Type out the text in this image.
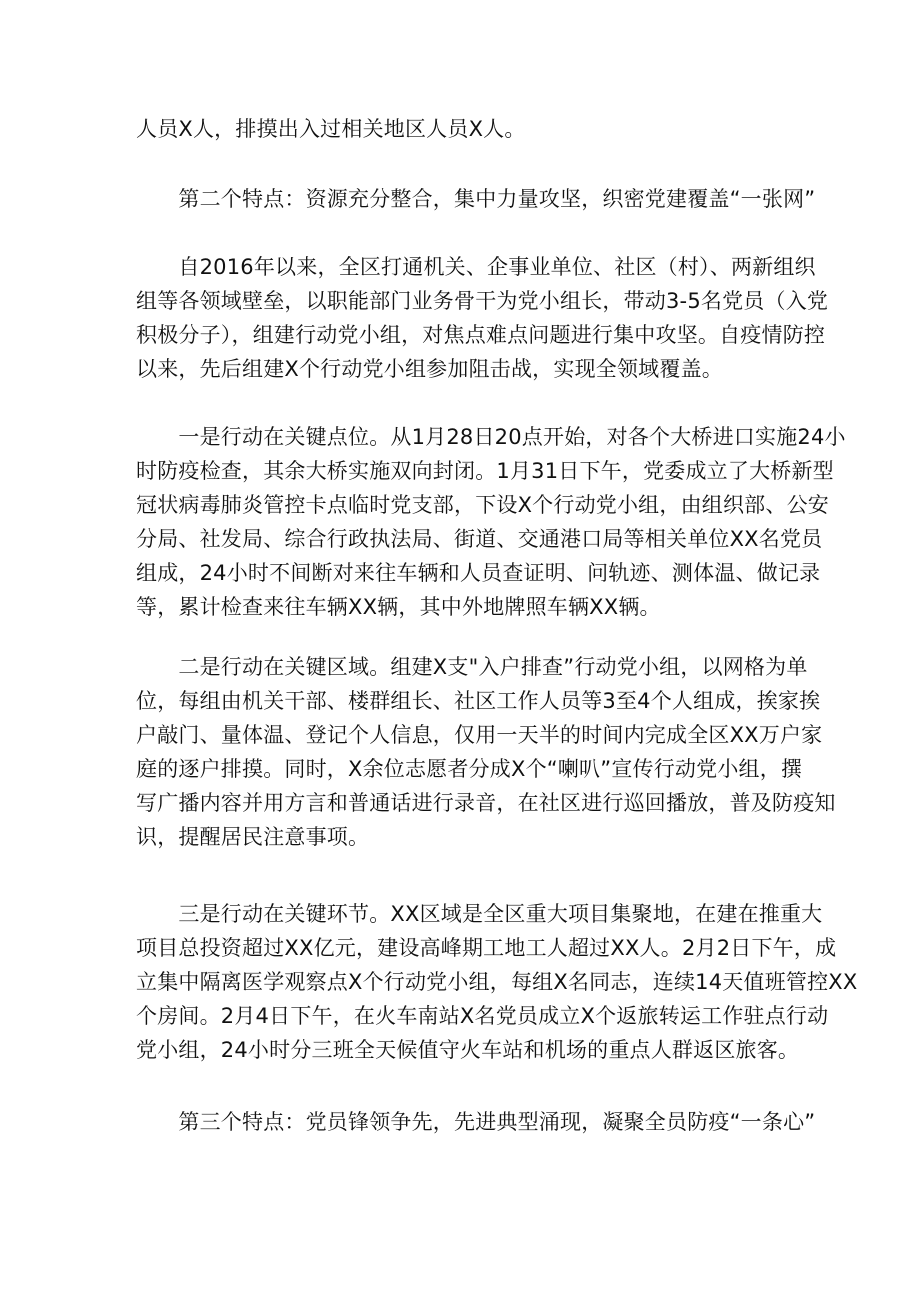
人员X人，排摸出入过相关地区人员X人。
　　第二个特点：资源充分整合，集中力量攻坚，织密党建覆盖“一张网”
　　自2016年以来，全区打通机关、企事业单位、社区（村）、两新组织
组等各领域壁垒，以职能部门业务骨干为党小组长，带动3-5名党员（入党
积极分子），组建行动党小组，对焦点难点问题进行集中攻坚。自疫情防控
以来，先后组建X个行动党小组参加阻击战，实现全领域覆盖。
　　一是行动在关键点位。从1月28日20点开始，对各个大桥进口实施24小
时防疫检查，其余大桥实施双向封闭。1月31日下午，党委成立了大桥新型
冠状病毒肺炎管控卡点临时党支部，下设X个行动党小组，由组织部、公安
分局、社发局、综合行政执法局、街道、交通港口局等相关单位XX名党员
组成，24小时不间断对来往车辆和人员查证明、问轨迹、测体温、做记录
等，累计检查来往车辆XX辆，其中外地牌照车辆XX辆。
　　二是行动在关键区域。组建X支"入户排查”行动党小组，以网格为单
位，每组由机关干部、楼群组长、社区工作人员等3至4个人组成，挨家挨
户敲门、量体温、登记个人信息，仅用一天半的时间内完成全区XX万户家
庭的逐户排摸。同时，X余位志愿者分成X个“喇叭”宣传行动党小组，撰
写广播内容并用方言和普通话进行录音，在社区进行巡回播放，普及防疫知
识，提醒居民注意事项。
　　三是行动在关键环节。XX区域是全区重大项目集聚地，在建在推重大
项目总投资超过XX亿元，建设高峰期工地工人超过XX人。2月2日下午，成
立集中隔离医学观察点X个行动党小组，每组X名同志，连续14天值班管控XX
个房间。2月4日下午，在火车南站X名党员成立X个返旅转运工作驻点行动
党小组，24小时分三班全天候值守火车站和机场的重点人群返区旅客。
　　第三个特点：党员锋领争先，先进典型涌现，凝聚全员防疫“一条心”
